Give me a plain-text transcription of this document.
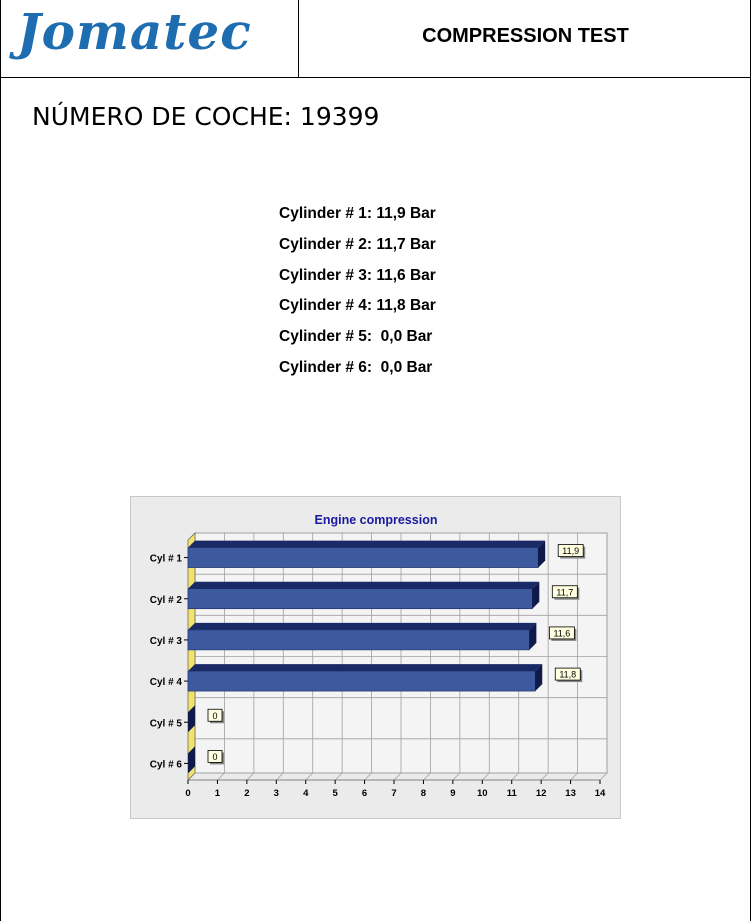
Jomatec	COMPRESSION TEST
NÚMERO DE COCHE: 19399
Cylinder # 1: 11,9 Bar
Cylinder # 2: 11,7 Bar
Cylinder # 3: 11,6 Bar
Cylinder # 4: 11,8 Bar
Cylinder # 5:  0,0 Bar
Cylinder # 6:  0,0 Bar
Engine compression
Cyl # 1
11,9
Cyl # 2
11,7
Cyl # 3
11,6
Cyl # 4
11,8
Cyl # 5
0
Cyl # 6
0
0	1	2	3	4	5	6	7	8	9 10 11 12 13 14
